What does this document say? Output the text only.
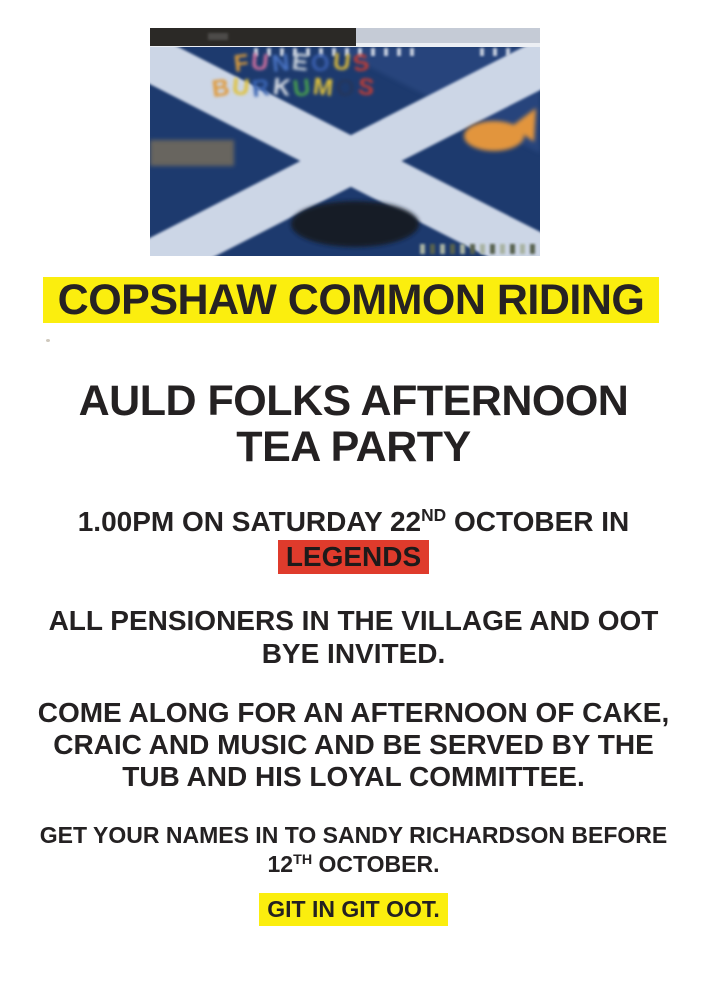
F U N E O U S
B U R K U M O S
COPSHAW COMMON RIDING
AULD FOLKS AFTERNOON
TEA PARTY
1.00PM ON SATURDAY 22ND OCTOBER IN
LEGENDS
ALL PENSIONERS IN THE VILLAGE AND OOT
BYE INVITED.
COME ALONG FOR AN AFTERNOON OF CAKE,
CRAIC AND MUSIC AND BE SERVED BY THE
TUB AND HIS LOYAL COMMITTEE.
GET YOUR NAMES IN TO SANDY RICHARDSON BEFORE
12TH OCTOBER.
GIT IN GIT OOT.
